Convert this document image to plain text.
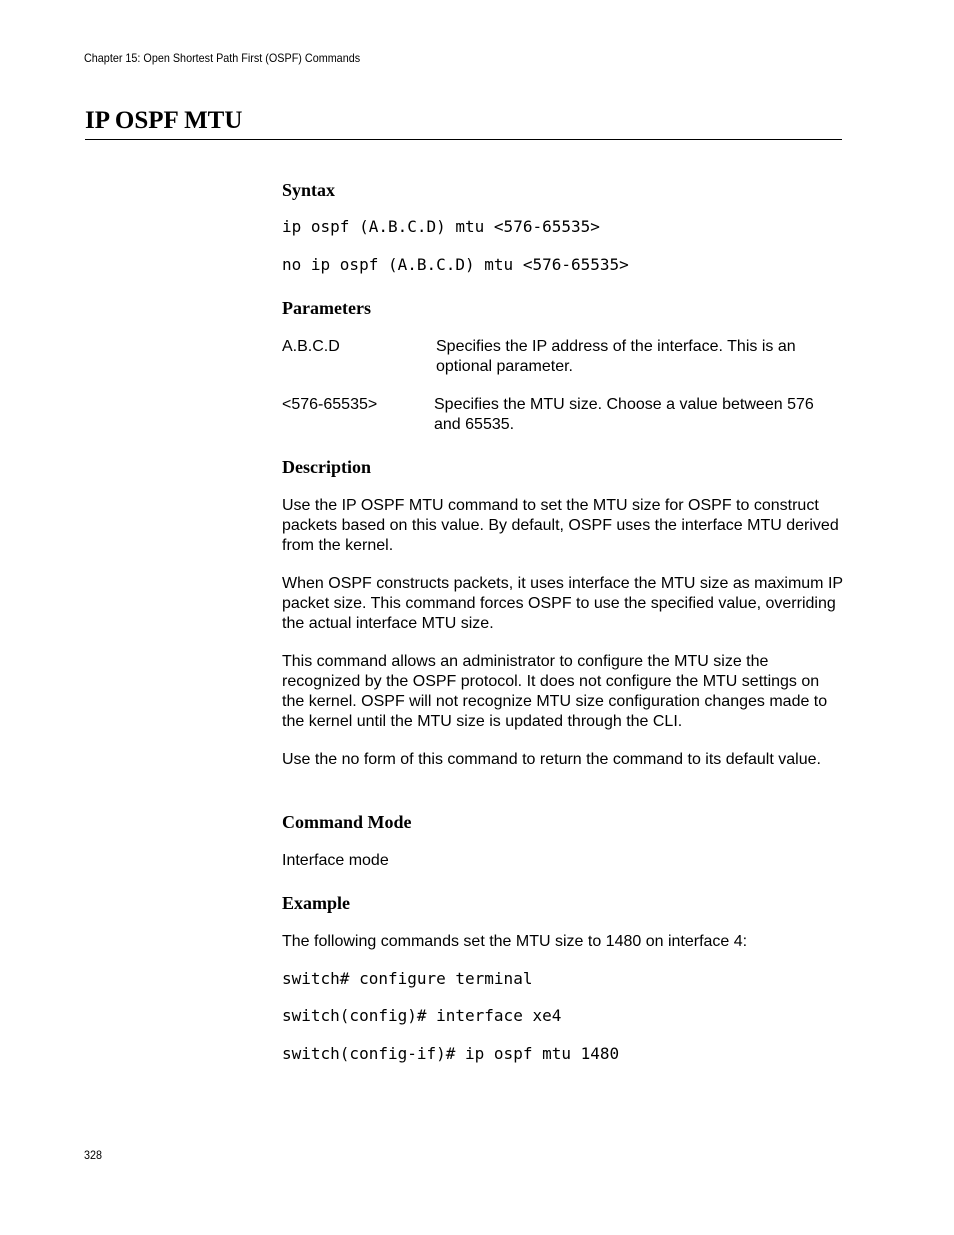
Chapter 15: Open Shortest Path First (OSPF) Commands
IP OSPF MTU
Syntax
ip ospf (A.B.C.D) mtu <576-65535>
no ip ospf (A.B.C.D) mtu <576-65535>
Parameters
A.B.C.D	Specifies the IP address of the interface. This is an optional parameter.
<576-65535>	Specifies the MTU size. Choose a value between 576 and 65535.
Description
Use the IP OSPF MTU command to set the MTU size for OSPF to construct packets based on this value. By default, OSPF uses the interface MTU derived from the kernel.
When OSPF constructs packets, it uses interface the MTU size as maximum IP packet size. This command forces OSPF to use the specified value, overriding the actual interface MTU size.
This command allows an administrator to configure the MTU size the recognized by the OSPF protocol. It does not configure the MTU settings on the kernel. OSPF will not recognize MTU size configuration changes made to the kernel until the MTU size is updated through the CLI.
Use the no form of this command to return the command to its default value.
Command Mode
Interface mode
Example
The following commands set the MTU size to 1480 on interface 4:
switch# configure terminal
switch(config)# interface xe4
switch(config-if)# ip ospf mtu 1480
328
